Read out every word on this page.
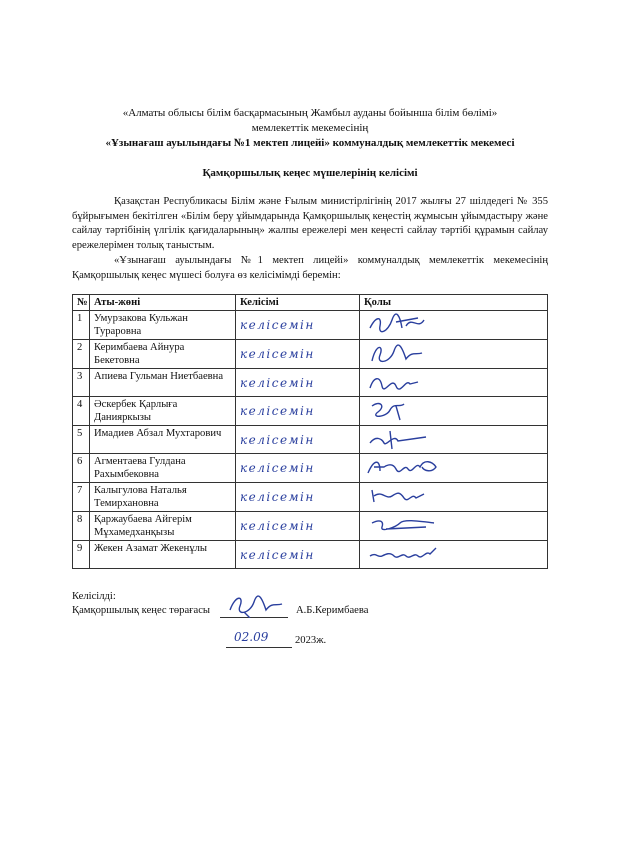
«Алматы облысы білім басқармасының Жамбыл ауданы бойынша білім бөлімі»
мемлекеттік мекемесінің
«Ұзынағаш ауылындағы №1 мектеп лицейі» коммуналдық мемлекеттік мекемесі
Қамқоршылық кеңес мүшелерінің келісімі

Қазақстан Республикасы Білім және Ғылым министірлігінің 2017 жылғы 27 шілдедегі № 355 бұйрығымен бекітілген «Білім беру ұйымдарында Қамқоршылық кеңестің жұмысын ұйымдастыру және сайлау тәртібінің үлгілік қағидаларының» жалпы ережелері мен кеңесті сайлау тәртібі құрамын сайлау ережелерімен толық таныстым.

«Ұзынағаш ауылындағы №1 мектеп лицейі» коммуналдық мемлекеттік мекемесінің Қамқоршылық кеңес мүшесі болуға өз келісімімді беремін:

№	Аты-жөні	Келісімі	Қолы
1	Умурзакова Кульжан Тураровна	келісемін

2	Керимбаева Айнура Бекетовна	келісемін

3	Апиева Гульман Ниетбаевна	келісемін

4	Әскербек Қарлыға Данияркызы	келісемін

5	Имадиев Абзал Мухтарович	келісемін

6	Агментаева Гулдана Рахымбековна	келісемін

7	Калыгулова Наталья Темирхановна	келісемін

8	Қаржаубаева Айгерім Мұхамедханқызы	келісемін

9	Жекен Азамат Жекенұлы	келісемін

Келісілді:
Қамқоршылық кеңес төрағасы	А.Б.Керимбаева
02.09	2023ж.
